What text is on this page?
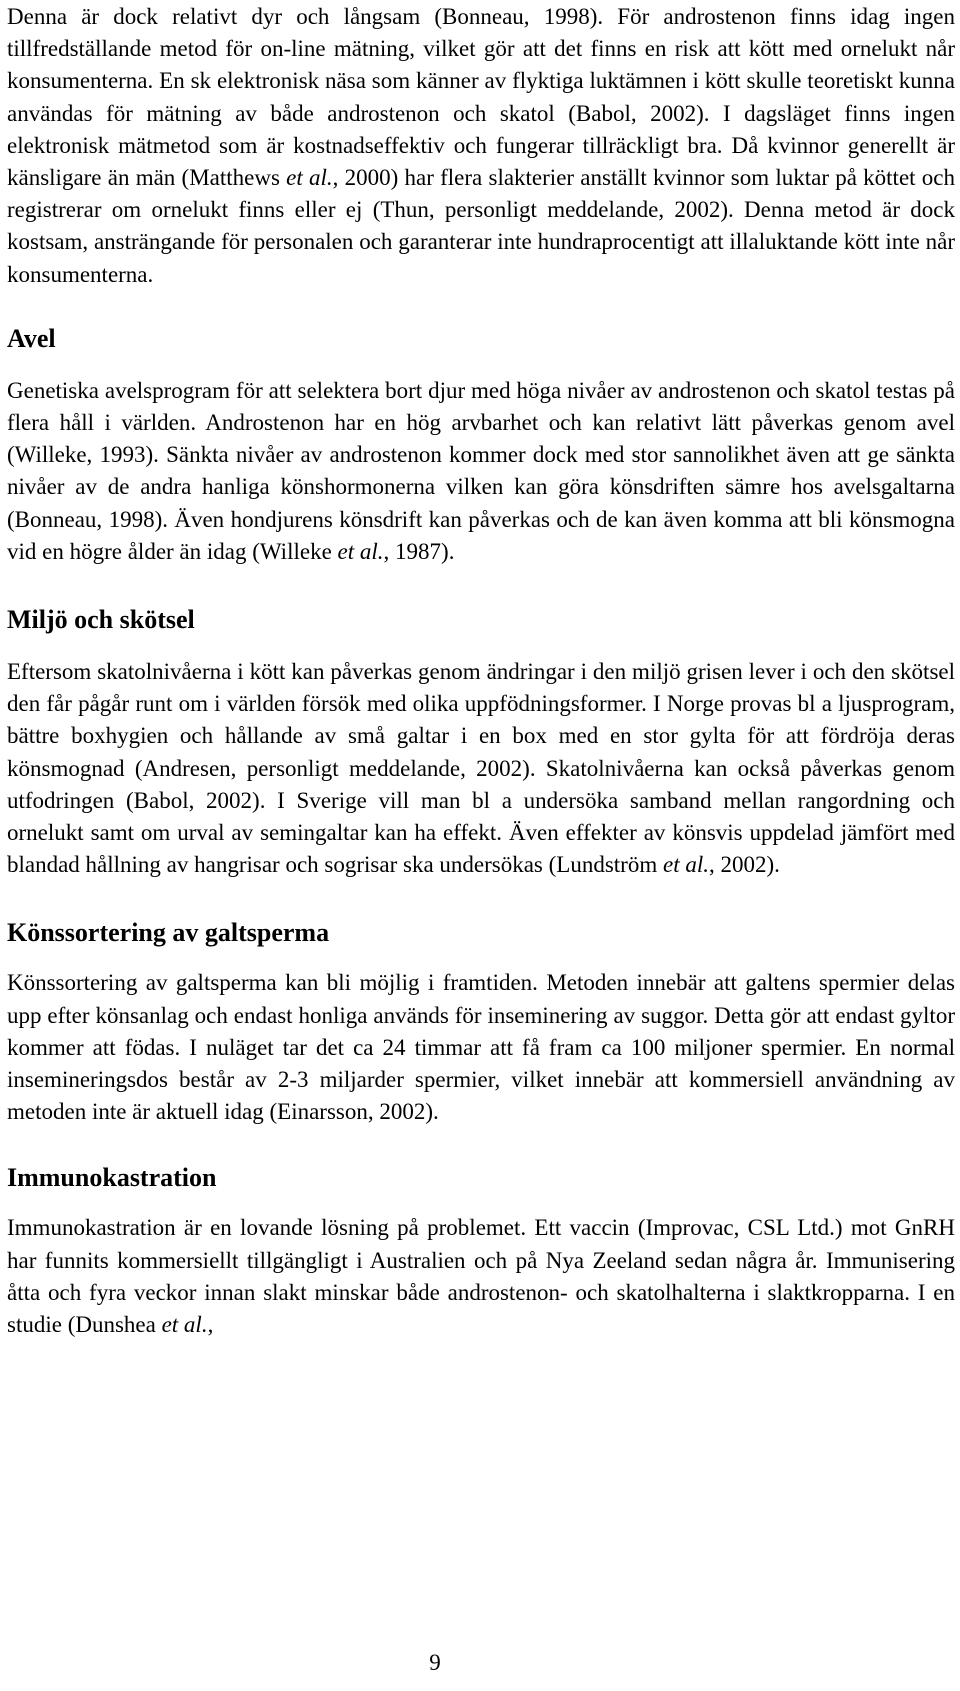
Denna är dock relativt dyr och långsam (Bonneau, 1998). För androstenon finns idag ingen tillfredställande metod för on-line mätning, vilket gör att det finns en risk att kött med ornelukt når konsumenterna. En sk elektronisk näsa som känner av flyktiga luktämnen i kött skulle teoretiskt kunna användas för mätning av både androstenon och skatol (Babol, 2002). I dagsläget finns ingen elektronisk mätmetod som är kostnadseffektiv och fungerar tillräckligt bra. Då kvinnor generellt är känsligare än män (Matthews et al., 2000) har flera slakterier anställt kvinnor som luktar på köttet och registrerar om ornelukt finns eller ej (Thun, personligt meddelande, 2002). Denna metod är dock kostsam, ansträngande för personalen och garanterar inte hundraprocentigt att illaluktande kött inte når konsumenterna.

Avel

Genetiska avelsprogram för att selektera bort djur med höga nivåer av androstenon och skatol testas på flera håll i världen. Androstenon har en hög arvbarhet och kan relativt lätt påverkas genom avel (Willeke, 1993). Sänkta nivåer av androstenon kommer dock med stor sannolikhet även att ge sänkta nivåer av de andra hanliga könshormonerna vilken kan göra könsdriften sämre hos avelsgaltarna (Bonneau, 1998). Även hondjurens könsdrift kan påverkas och de kan även komma att bli könsmogna vid en högre ålder än idag (Willeke et al., 1987).

Miljö och skötsel

Eftersom skatolnivåerna i kött kan påverkas genom ändringar i den miljö grisen lever i och den skötsel den får pågår runt om i världen försök med olika uppfödningsformer. I Norge provas bl a ljusprogram, bättre boxhygien och hållande av små galtar i en box med en stor gylta för att fördröja deras könsmognad (Andresen, personligt meddelande, 2002). Skatolnivåerna kan också påverkas genom utfodringen (Babol, 2002). I Sverige vill man bl a undersöka samband mellan rangordning och ornelukt samt om urval av semingaltar kan ha effekt. Även effekter av könsvis uppdelad jämfört med blandad hållning av hangrisar och sogrisar ska undersökas (Lundström et al., 2002).

Könssortering av galtsperma

Könssortering av galtsperma kan bli möjlig i framtiden. Metoden innebär att galtens spermier delas upp efter könsanlag och endast honliga används för inseminering av suggor. Detta gör att endast gyltor kommer att födas. I nuläget tar det ca 24 timmar att få fram ca 100 miljoner spermier. En normal insemineringsdos består av 2-3 miljarder spermier, vilket innebär att kommersiell användning av metoden inte är aktuell idag (Einarsson, 2002).

Immunokastration

Immunokastration är en lovande lösning på problemet. Ett vaccin (Improvac, CSL Ltd.) mot GnRH har funnits kommersiellt tillgängligt i Australien och på Nya Zeeland sedan några år. Immunisering åtta och fyra veckor innan slakt minskar både androstenon- och skatolhalterna i slaktkropparna. I en studie (Dunshea et al.,

9
